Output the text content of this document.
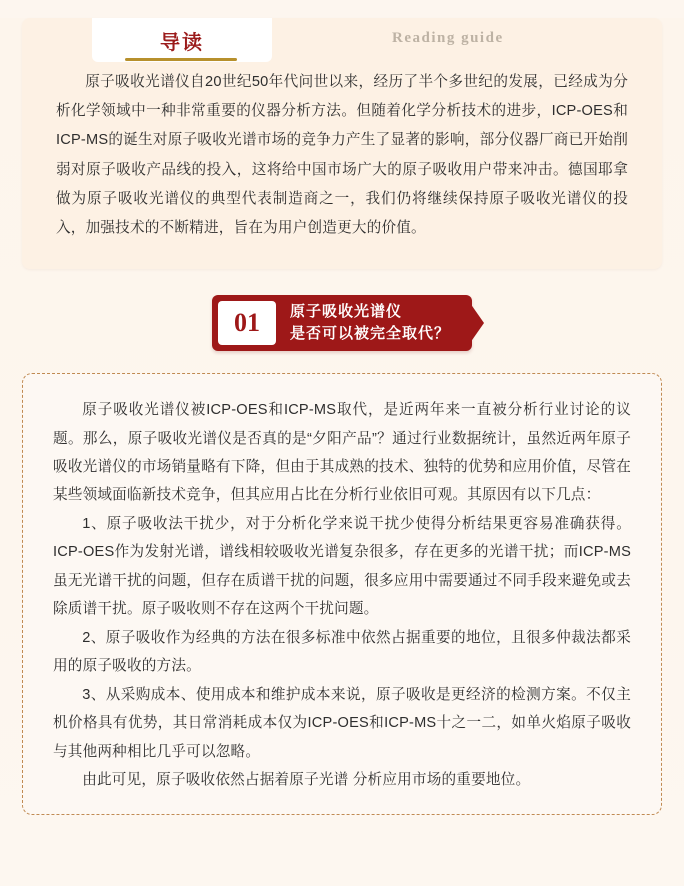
导读	Reading guide

原子吸收光谱仪自20世纪50年代问世以来，经历了半个多世纪的发展，已经成为分析化学领域中一种非常重要的仪器分析方法。但随着化学分析技术的进步，ICP-OES和ICP-MS的诞生对原子吸收光谱市场的竞争力产生了显著的影响，部分仪器厂商已开始削弱对原子吸收产品线的投入，这将给中国市场广大的原子吸收用户带来冲击。德国耶拿做为原子吸收光谱仪的典型代表制造商之一，我们仍将继续保持原子吸收光谱仪的投入，加强技术的不断精进，旨在为用户创造更大的价值。

01	原子吸收光谱仪
是否可以被完全取代？

原子吸收光谱仪被ICP-OES和ICP-MS取代，是近两年来一直被分析行业讨论的议题。那么，原子吸收光谱仪是否真的是“夕阳产品”？通过行业数据统计，虽然近两年原子吸收光谱仪的市场销量略有下降，但由于其成熟的技术、独特的优势和应用价值，尽管在某些领域面临新技术竞争，但其应用占比在分析行业依旧可观。其原因有以下几点：

1、原子吸收法干扰少，对于分析化学来说干扰少使得分析结果更容易准确获得。ICP-OES作为发射光谱，谱线相较吸收光谱复杂很多，存在更多的光谱干扰；而ICP-MS虽无光谱干扰的问题，但存在质谱干扰的问题，很多应用中需要通过不同手段来避免或去除质谱干扰。原子吸收则不存在这两个干扰问题。

2、原子吸收作为经典的方法在很多标准中依然占据重要的地位，且很多仲裁法都采用的原子吸收的方法。

3、从采购成本、使用成本和维护成本来说，原子吸收是更经济的检测方案。不仅主机价格具有优势，其日常消耗成本仅为ICP-OES和ICP-MS十之一二，如单火焰原子吸收与其他两种相比几乎可以忽略。

由此可见，原子吸收依然占据着原子光谱 分析应用市场的重要地位。
